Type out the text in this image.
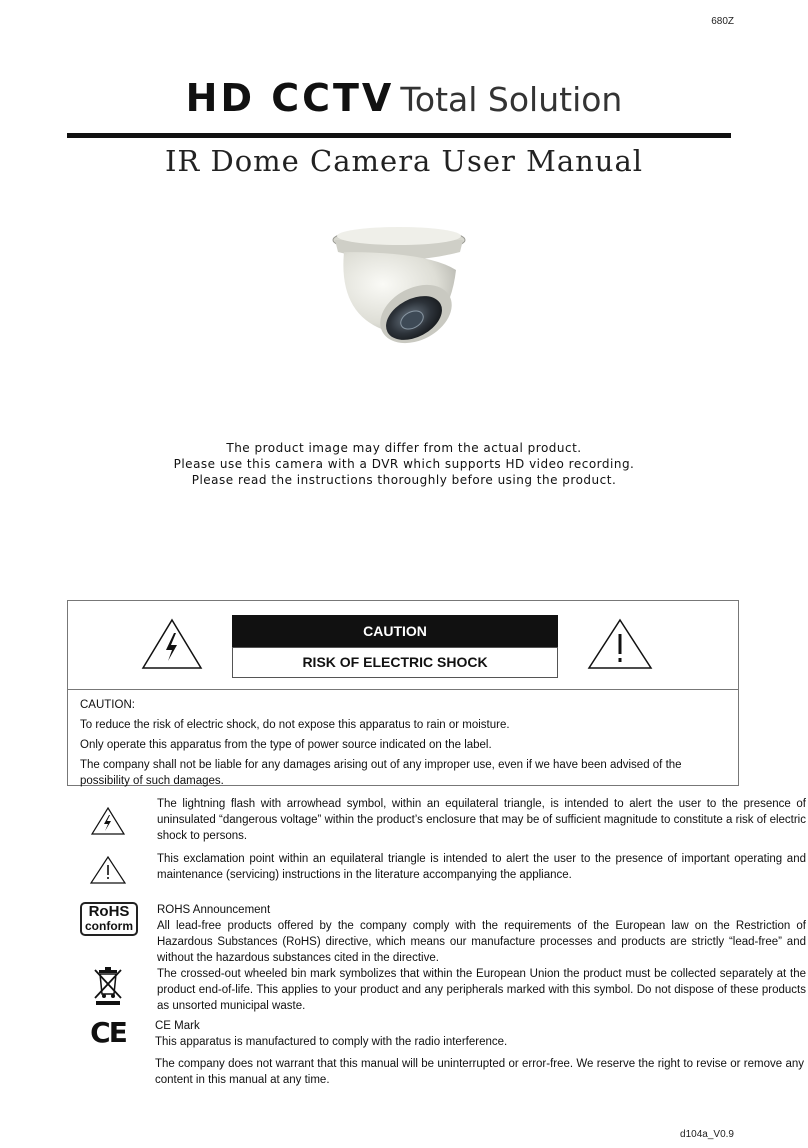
680Z
HD CCTV Total Solution
IR Dome Camera User Manual
The product image may differ from the actual product.
Please use this camera with a DVR which supports HD video recording.
Please read the instructions thoroughly before using the product.
CAUTION
RISK OF ELECTRIC SHOCK

CAUTION:

To reduce the risk of electric shock, do not expose this apparatus to rain or moisture.

Only operate this apparatus from the type of power source indicated on the label.

The company shall not be liable for any damages arising out of any improper use, even if we have been advised of the possibility of such damages.

The lightning flash with arrowhead symbol, within an equilateral triangle, is intended to alert the user to the presence of uninsulated “dangerous voltage” within the product’s enclosure that may be of sufficient magnitude to constitute a risk of electric shock to persons.

This exclamation point within an equilateral triangle is intended to alert the user to the presence of important operating and maintenance (servicing) instructions in the literature accompanying the appliance.

RoHS
conform

ROHS Announcement

All lead-free products offered by the company comply with the requirements of the European law on the Restriction of Hazardous Substances (RoHS) directive, which means our manufacture processes and products are strictly “lead-free” and without the hazardous substances cited in the directive.

The crossed-out wheeled bin mark symbolizes that within the European Union the product must be collected separately at the product end-of-life. This applies to your product and any peripherals marked with this symbol. Do not dispose of these products as unsorted municipal waste.

CE	CE Mark

This apparatus is manufactured to comply with the radio interference.

The company does not warrant that this manual will be uninterrupted or error-free. We reserve the right to revise or remove any content in this manual at any time.

d104a_V0.9
